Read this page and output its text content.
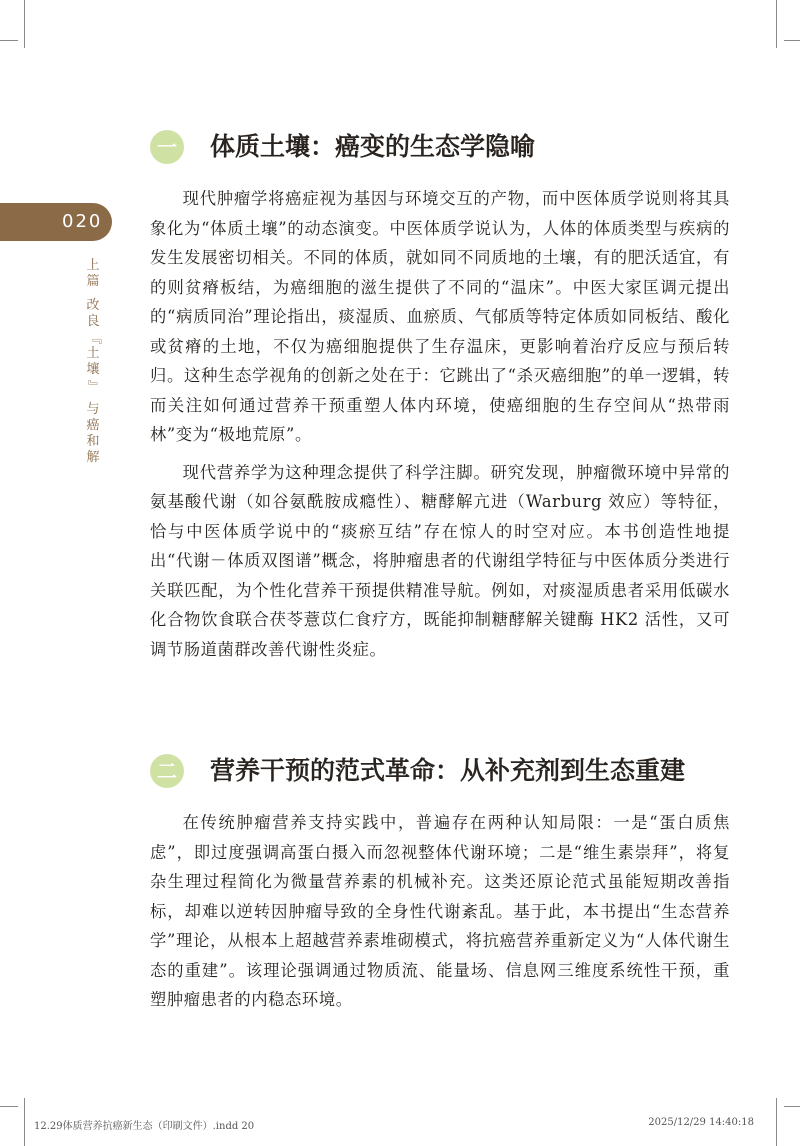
020
上
篇
改
良
『
土
壤
』
与
癌
和
解
一 体质土壤：癌变的生态学隐喻

现代肿瘤学将癌症视为基因与环境交互的产物，而中医体质学说则将其具象化为“体质土壤”的动态演变。中医体质学说认为，人体的体质类型与疾病的发生发展密切相关。不同的体质，就如同不同质地的土壤，有的肥沃适宜，有的则贫瘠板结，为癌细胞的滋生提供了不同的“温床”。中医大家匡调元提出的“病质同治”理论指出，痰湿质、血瘀质、气郁质等特定体质如同板结、酸化或贫瘠的土地，不仅为癌细胞提供了生存温床，更影响着治疗反应与预后转归。这种生态学视角的创新之处在于：它跳出了“杀灭癌细胞”的单一逻辑，转而关注如何通过营养干预重塑人体内环境，使癌细胞的生存空间从“热带雨林”变为“极地荒原”。

现代营养学为这种理念提供了科学注脚。研究发现，肿瘤微环境中异常的氨基酸代谢（如谷氨酰胺成瘾性）、糖酵解亢进（Warburg 效应）等特征，恰与中医体质学说中的“痰瘀互结”存在惊人的时空对应。本书创造性地提出“代谢－体质双图谱”概念，将肿瘤患者的代谢组学特征与中医体质分类进行关联匹配，为个性化营养干预提供精准导航。例如，对痰湿质患者采用低碳水化合物饮食联合茯苓薏苡仁食疗方，既能抑制糖酵解关键酶 HK2 活性，又可调节肠道菌群改善代谢性炎症。

二 营养干预的范式革命：从补充剂到生态重建

在传统肿瘤营养支持实践中，普遍存在两种认知局限：一是“蛋白质焦虑”，即过度强调高蛋白摄入而忽视整体代谢环境；二是“维生素崇拜”，将复杂生理过程简化为微量营养素的机械补充。这类还原论范式虽能短期改善指标，却难以逆转因肿瘤导致的全身性代谢紊乱。基于此，本书提出“生态营养学”理论，从根本上超越营养素堆砌模式，将抗癌营养重新定义为“人体代谢生态的重建”。该理论强调通过物质流、能量场、信息网三维度系统性干预，重塑肿瘤患者的内稳态环境。

12.29体质营养抗癌新生态（印刷文件）.indd 20	2025/12/29 14:40:18
